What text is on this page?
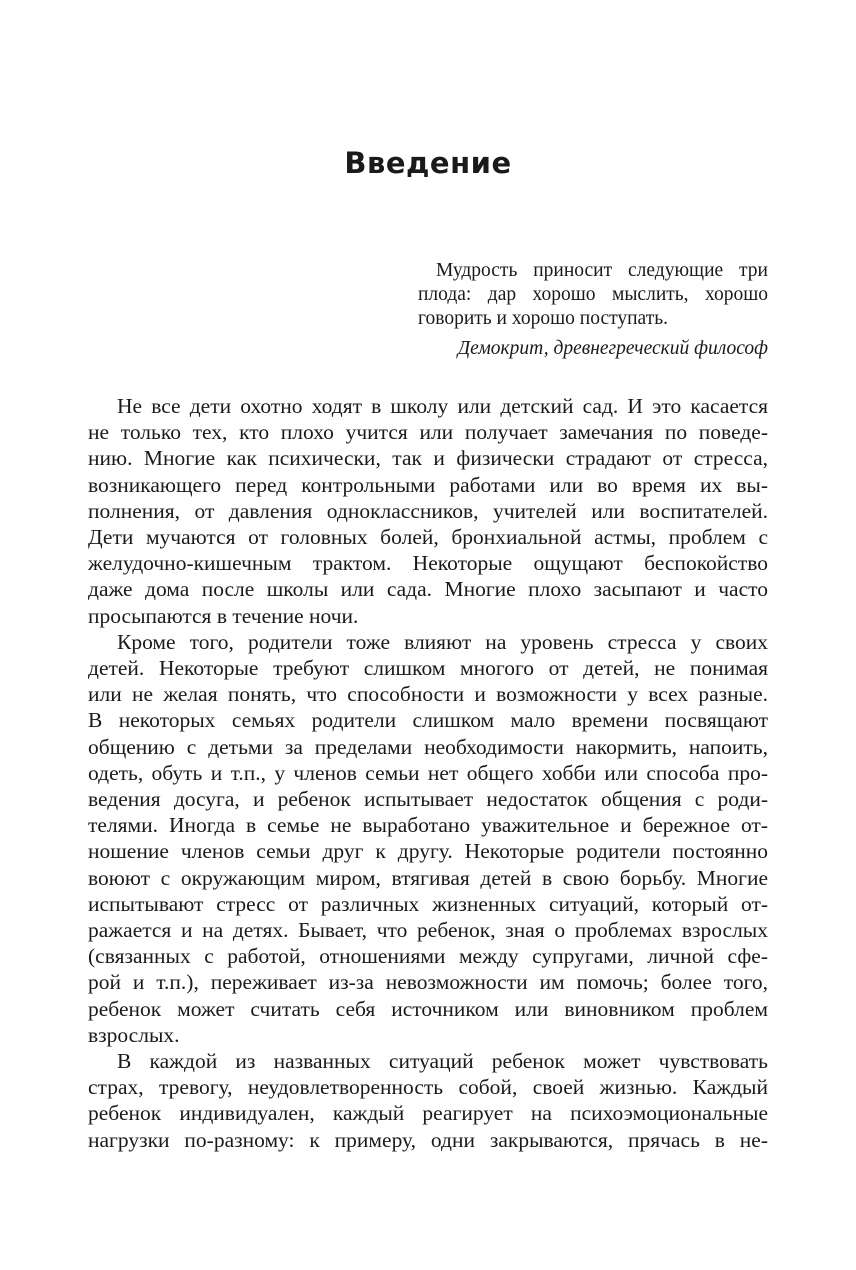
Введение

Мудрость приносит следующие три плода: дар хорошо мыслить, хорошо говорить и хорошо поступать.

Демокрит, древнегреческий философ

Не все дети охотно ходят в школу или детский сад. И это касается
не только тех, кто плохо учится или получает замечания по поведе-
нию. Многие как психически, так и физически страдают от стресса,
возникающего перед контрольными работами или во время их вы-
полнения, от давления одноклассников, учителей или воспитателей.
Дети мучаются от головных болей, бронхиальной астмы, проблем с
желудочно-кишечным трактом. Некоторые ощущают беспокойство
даже дома после школы или сада. Многие плохо засыпают и часто
просыпаются в течение ночи.

Кроме того, родители тоже влияют на уровень стресса у своих
детей. Некоторые требуют слишком многого от детей, не понимая
или не желая понять, что способности и возможности у всех разные.
В некоторых семьях родители слишком мало времени посвящают
общению с детьми за пределами необходимости накормить, напоить,
одеть, обуть и т.п., у членов семьи нет общего хобби или способа про-
ведения досуга, и ребенок испытывает недостаток общения с роди-
телями. Иногда в семье не выработано уважительное и бережное от-
ношение членов семьи друг к другу. Некоторые родители постоянно
воюют с окружающим миром, втягивая детей в свою борьбу. Многие
испытывают стресс от различных жизненных ситуаций, который от-
ражается и на детях. Бывает, что ребенок, зная о проблемах взрослых
(связанных с работой, отношениями между супругами, личной сфе-
рой и т.п.), переживает из-за невозможности им помочь; более того,
ребенок может считать себя источником или виновником проблем
взрослых.

В каждой из названных ситуаций ребенок может чувствовать
страх, тревогу, неудовлетворенность собой, своей жизнью. Каждый
ребенок индивидуален, каждый реагирует на психоэмоциональные
нагрузки по-разному: к примеру, одни закрываются, прячась в не-
